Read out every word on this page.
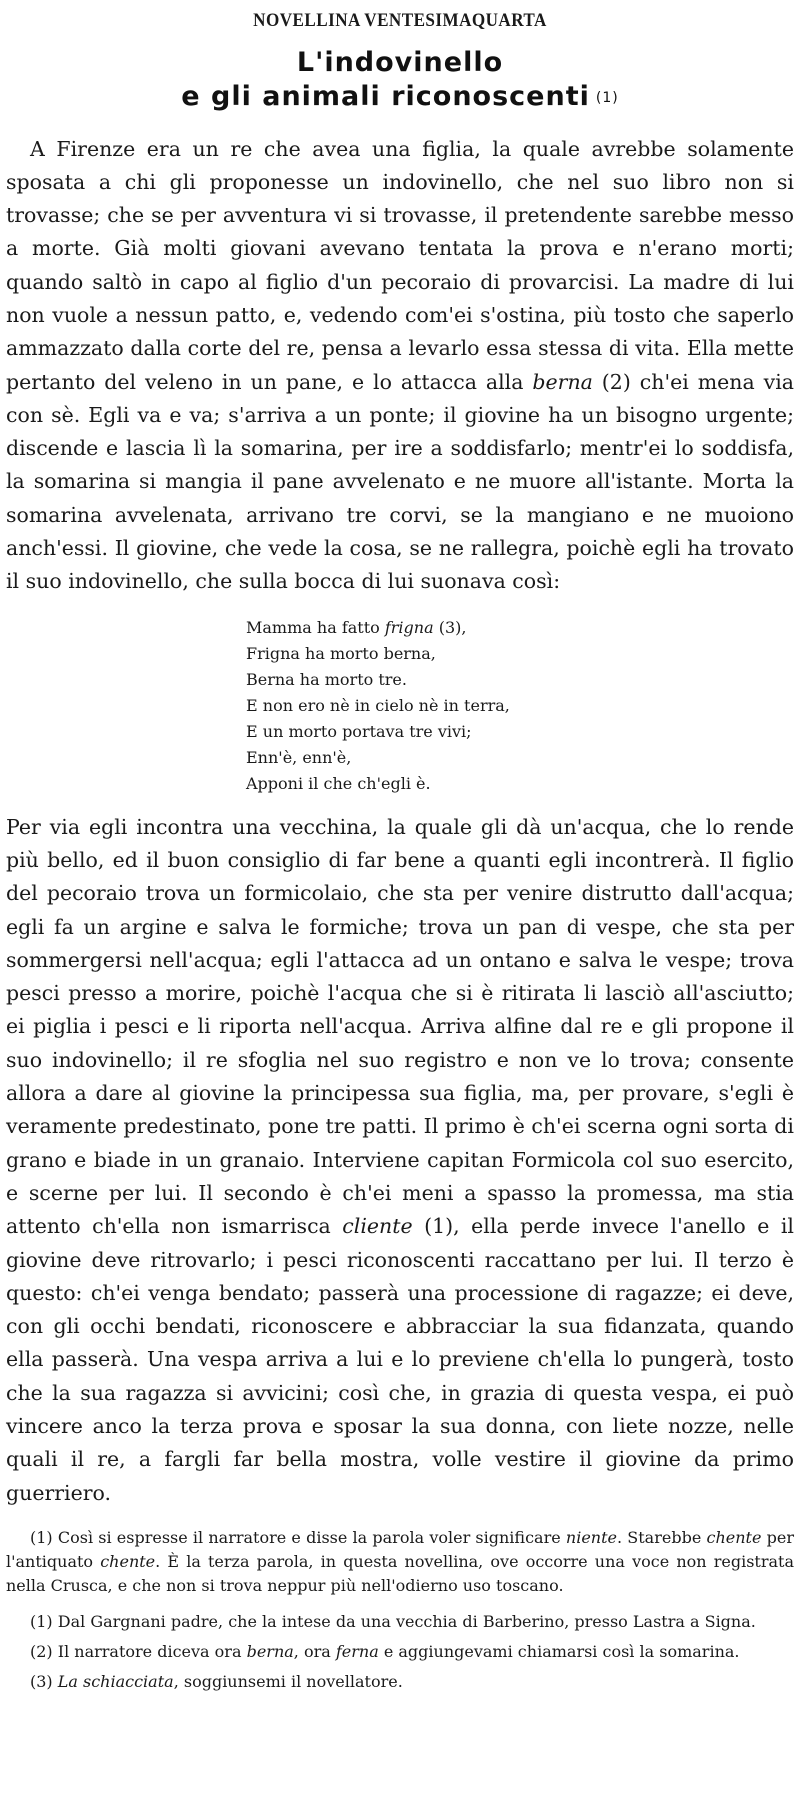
NOVELLINA VENTESIMAQUARTA
L'indovinello
e gli animali riconoscenti (1)

A Firenze era un re che avea una figlia, la quale avrebbe solamente sposata a chi gli proponesse un indovinello, che nel suo libro non si trovasse; che se per avventura vi si trovasse, il pretendente sarebbe messo a morte. Già molti giovani avevano tentata la prova e n'erano morti; quando saltò in capo al figlio d'un pecoraio di provarcisi. La madre di lui non vuole a nessun patto, e, vedendo com'ei s'ostina, più tosto che saperlo ammazzato dalla corte del re, pensa a levarlo essa stessa di vita. Ella mette pertanto del veleno in un pane, e lo attacca alla berna (2) ch'ei mena via con sè. Egli va e va; s'arriva a un ponte; il giovine ha un bisogno urgente; discende e lascia lì la somarina, per ire a soddisfarlo; mentr'ei lo soddisfa, la somarina si mangia il pane avvelenato e ne muore all'istante. Morta la somarina avvelenata, arrivano tre corvi, se la mangiano e ne muoiono anch'essi. Il giovine, che vede la cosa, se ne rallegra, poichè egli ha trovato il suo indovinello, che sulla bocca di lui suonava così:

Mamma ha fatto frigna (3),
Frigna ha morto berna,
Berna ha morto tre.
E non ero nè in cielo nè in terra,
E un morto portava tre vivi;
Enn'è, enn'è,
Apponi il che ch'egli è.

Per via egli incontra una vecchina, la quale gli dà un'acqua, che lo rende più bello, ed il buon consiglio di far bene a quanti egli incontrerà. Il figlio del pecoraio trova un formicolaio, che sta per venire distrutto dall'acqua; egli fa un argine e salva le formiche; trova un pan di vespe, che sta per sommergersi nell'acqua; egli l'attacca ad un ontano e salva le vespe; trova pesci presso a morire, poichè l'acqua che si è ritirata li lasciò all'asciutto; ei piglia i pesci e li riporta nell'acqua. Arriva alfine dal re e gli propone il suo indovinello; il re sfoglia nel suo registro e non ve lo trova; consente allora a dare al giovine la principessa sua figlia, ma, per provare, s'egli è veramente predestinato, pone tre patti. Il primo è ch'ei scerna ogni sorta di grano e biade in un granaio. Interviene capitan Formicola col suo esercito, e scerne per lui. Il secondo è ch'ei meni a spasso la promessa, ma stia attento ch'ella non ismarrisca cliente (1), ella perde invece l'anello e il giovine deve ritrovarlo; i pesci riconoscenti raccattano per lui. Il terzo è questo: ch'ei venga bendato; passerà una processione di ragazze; ei deve, con gli occhi bendati, riconoscere e abbracciar la sua fidanzata, quando ella passerà. Una vespa arriva a lui e lo previene ch'ella lo pungerà, tosto che la sua ragazza si avvicini; così che, in grazia di questa vespa, ei può vincere anco la terza prova e sposar la sua donna, con liete nozze, nelle quali il re, a fargli far bella mostra, volle vestire il giovine da primo guerriero.

(1) Così si espresse il narratore e disse la parola voler significare niente. Starebbe chente per l'antiquato chente. È la terza parola, in questa novellina, ove occorre una voce non registrata nella Crusca, e che non si trova neppur più nell'odierno uso toscano.

(1) Dal Gargnani padre, che la intese da una vecchia di Barberino, presso Lastra a Signa.

(2) Il narratore diceva ora berna, ora ferna e aggiungevami chiamarsi così la somarina.

(3) La schiacciata, soggiunsemi il novellatore.
